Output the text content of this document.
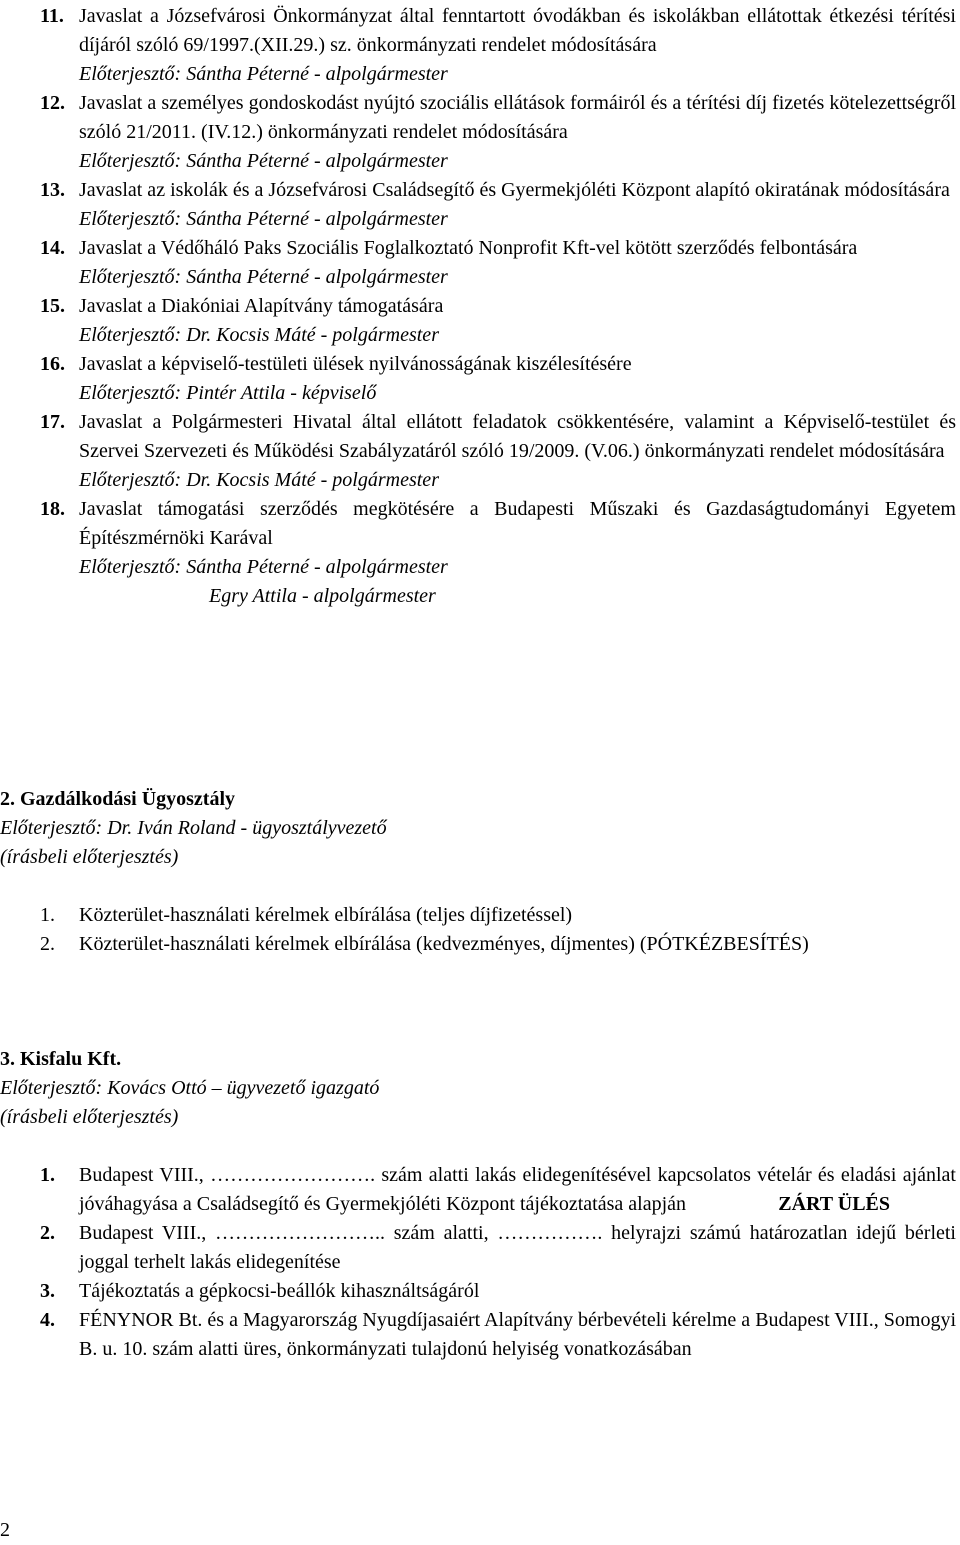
11. Javaslat a Józsefvárosi Önkormányzat által fenntartott óvodákban és iskolákban ellátottak étkezési térítési díjáról szóló 69/1997.(XII.29.) sz. önkormányzati rendelet módosítására
Előterjesztő: Sántha Péterné - alpolgármester
12. Javaslat a személyes gondoskodást nyújtó szociális ellátások formáiról és a térítési díj fizetés kötelezettségről szóló 21/2011. (IV.12.) önkormányzati rendelet módosítására
Előterjesztő: Sántha Péterné - alpolgármester
13. Javaslat az iskolák és a Józsefvárosi Családsegítő és Gyermekjóléti Központ alapító okiratának módosítására
Előterjesztő: Sántha Péterné - alpolgármester
14. Javaslat a Védőháló Paks Szociális Foglalkoztató Nonprofit Kft-vel kötött szerződés felbontására
Előterjesztő: Sántha Péterné - alpolgármester
15. Javaslat a Diakóniai Alapítvány támogatására
Előterjesztő: Dr. Kocsis Máté - polgármester
16. Javaslat a képviselő-testületi ülések nyilvánosságának kiszélesítésére
Előterjesztő: Pintér Attila - képviselő
17. Javaslat a Polgármesteri Hivatal által ellátott feladatok csökkentésére, valamint a Képviselő-testület és Szervei Szervezeti és Működési Szabályzatáról szóló 19/2009. (V.06.) önkormányzati rendelet módosítására
Előterjesztő: Dr. Kocsis Máté - polgármester
18. Javaslat támogatási szerződés megkötésére a Budapesti Műszaki és Gazdaságtudományi Egyetem Építészmérnöki Karával
Előterjesztő: Sántha Péterné - alpolgármester
Egry Attila - alpolgármester
2. Gazdálkodási Ügyosztály
Előterjesztő: Dr. Iván Roland - ügyosztályvezető
(írásbeli előterjesztés)
1. Közterület-használati kérelmek elbírálása (teljes díjfizetéssel)
2. Közterület-használati kérelmek elbírálása (kedvezményes, díjmentes) (PÓTKÉZBESÍTÉS)
3. Kisfalu Kft.
Előterjesztő: Kovács Ottó – ügyvezető igazgató
(írásbeli előterjesztés)
1. Budapest VIII., ……………………. szám alatti lakás elidegenítésével kapcsolatos vételár és eladási ajánlat jóváhagyása a Családsegítő és Gyermekjóléti Központ tájékoztatása alapján	ZÁRT ÜLÉS
2. Budapest VIII., …………………….. szám alatti, ……………. helyrajzi számú határozatlan idejű bérleti joggal terhelt lakás elidegenítése
3. Tájékoztatás a gépkocsi-beállók kihasználtságáról
4. FÉNYNOR Bt. és a Magyarország Nyugdíjasaiért Alapítvány bérbevételi kérelme a Budapest VIII., Somogyi B. u. 10. szám alatti üres, önkormányzati tulajdonú helyiség vonatkozásában
2
